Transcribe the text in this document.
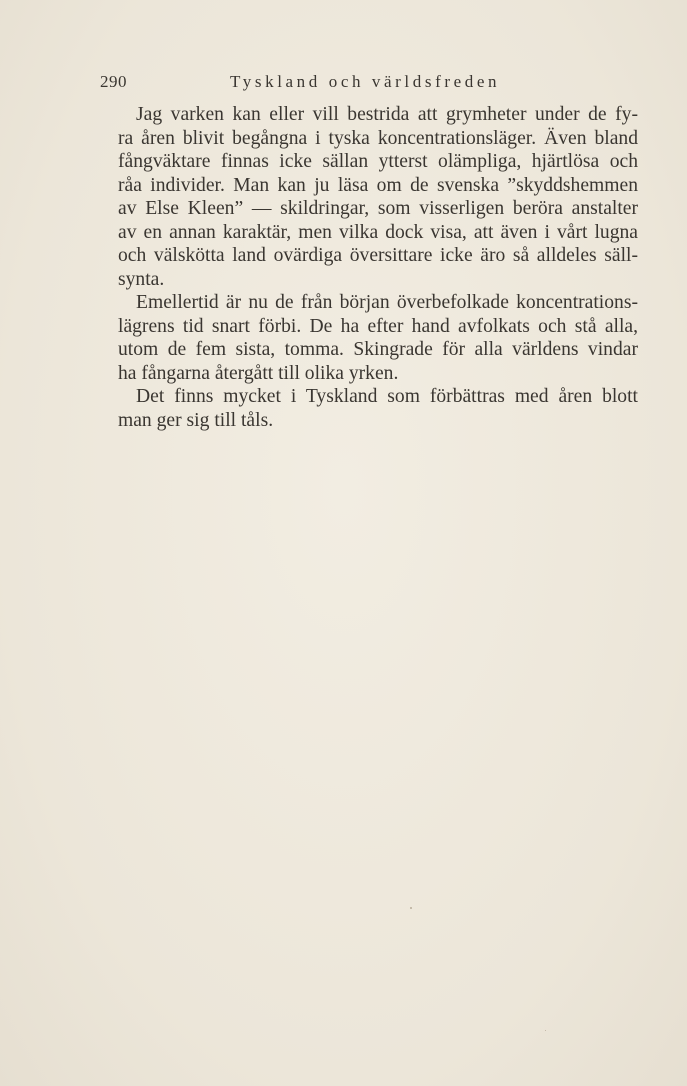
290	Tyskland och världsfreden

Jag varken kan eller vill bestrida att grymheter under de fy-
ra åren blivit begångna i tyska koncentrationsläger. Även bland
fångväktare finnas icke sällan ytterst olämpliga, hjärtlösa och
råa individer. Man kan ju läsa om de svenska ”skyddshemmen
av Else Kleen” — skildringar, som visserligen beröra anstalter
av en annan karaktär, men vilka dock visa, att även i vårt lugna
och välskötta land ovärdiga översittare icke äro så alldeles säll-
synta.

Emellertid är nu de från början överbefolkade koncentrations-
lägrens tid snart förbi. De ha efter hand avfolkats och stå alla,
utom de fem sista, tomma. Skingrade för alla världens vindar
ha fångarna återgått till olika yrken.

Det finns mycket i Tyskland som förbättras med åren blott
man ger sig till tåls.
